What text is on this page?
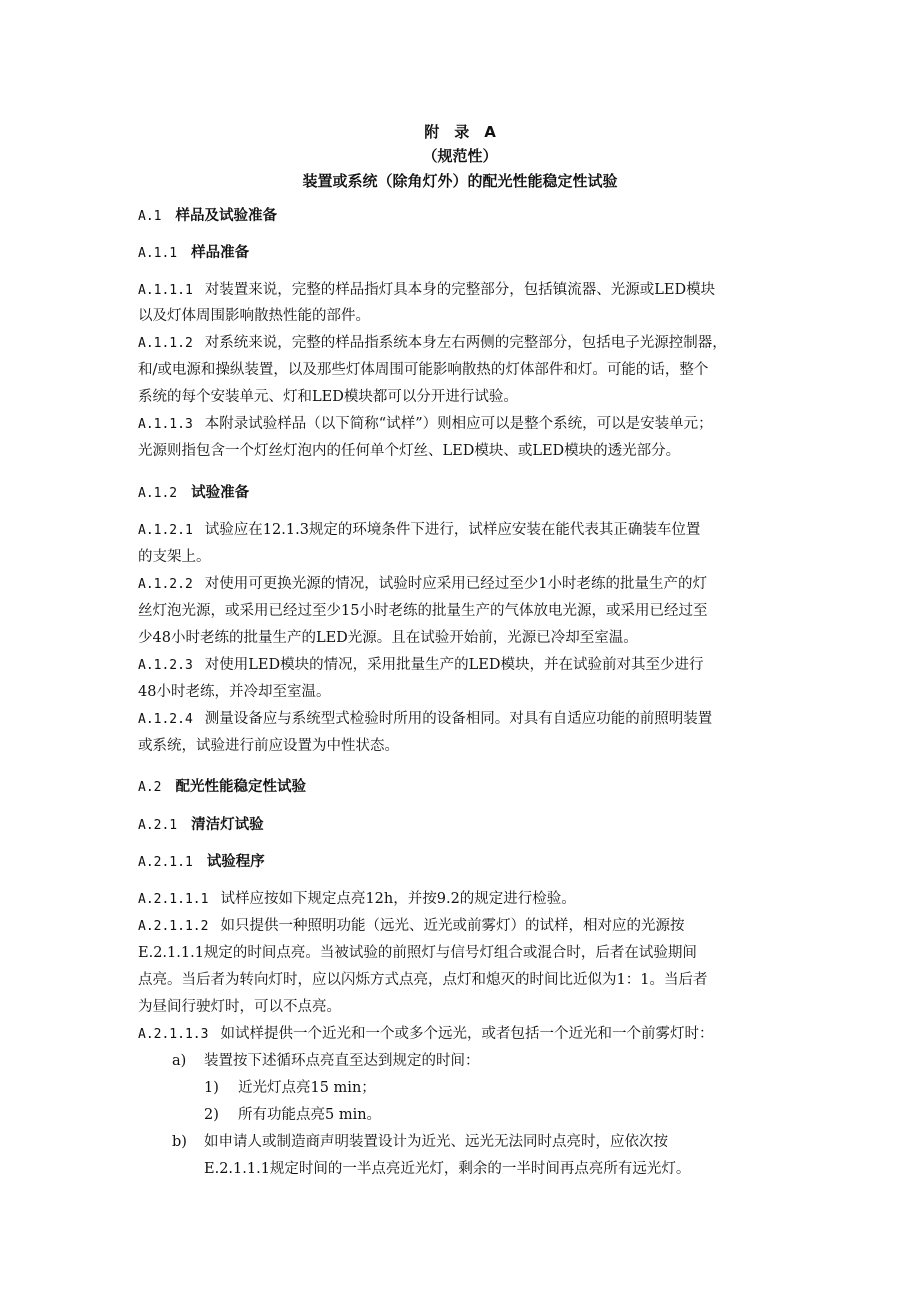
附　录　A
（规范性）
装置或系统（除角灯外）的配光性能稳定性试验
A.1 样品及试验准备
A.1.1 样品准备
A.1.1.1 对装置来说，完整的样品指灯具本身的完整部分，包括镇流器、光源或LED模块
以及灯体周围影响散热性能的部件。
A.1.1.2 对系统来说，完整的样品指系统本身左右两侧的完整部分，包括电子光源控制器，
和/或电源和操纵装置，以及那些灯体周围可能影响散热的灯体部件和灯。可能的话，整个
系统的每个安装单元、灯和LED模块都可以分开进行试验。
A.1.1.3 本附录试验样品（以下简称“试样”）则相应可以是整个系统，可以是安装单元；
光源则指包含一个灯丝灯泡内的任何单个灯丝、LED模块、或LED模块的透光部分。
A.1.2 试验准备
A.1.2.1 试验应在12.1.3规定的环境条件下进行，试样应安装在能代表其正确装车位置
的支架上。
A.1.2.2 对使用可更换光源的情况，试验时应采用已经过至少1小时老练的批量生产的灯
丝灯泡光源，或采用已经过至少15小时老练的批量生产的气体放电光源，或采用已经过至
少48小时老练的批量生产的LED光源。且在试验开始前，光源已冷却至室温。
A.1.2.3 对使用LED模块的情况，采用批量生产的LED模块，并在试验前对其至少进行
48小时老练，并冷却至室温。
A.1.2.4 测量设备应与系统型式检验时所用的设备相同。对具有自适应功能的前照明装置
或系统，试验进行前应设置为中性状态。
A.2 配光性能稳定性试验
A.2.1 清洁灯试验
A.2.1.1 试验程序
A.2.1.1.1 试样应按如下规定点亮12h，并按9.2的规定进行检验。
A.2.1.1.2 如只提供一种照明功能（远光、近光或前雾灯）的试样，相对应的光源按
E.2.1.1.1规定的时间点亮。当被试验的前照灯与信号灯组合或混合时，后者在试验期间
点亮。当后者为转向灯时，应以闪烁方式点亮，点灯和熄灭的时间比近似为1：1。当后者
为昼间行驶灯时，可以不点亮。
A.2.1.1.3 如试样提供一个近光和一个或多个远光，或者包括一个近光和一个前雾灯时：
a) 装置按下述循环点亮直至达到规定的时间：
1) 近光灯点亮15 min；
2) 所有功能点亮5 min。
b) 如申请人或制造商声明装置设计为近光、远光无法同时点亮时，应依次按
E.2.1.1.1规定时间的一半点亮近光灯，剩余的一半时间再点亮所有远光灯。
